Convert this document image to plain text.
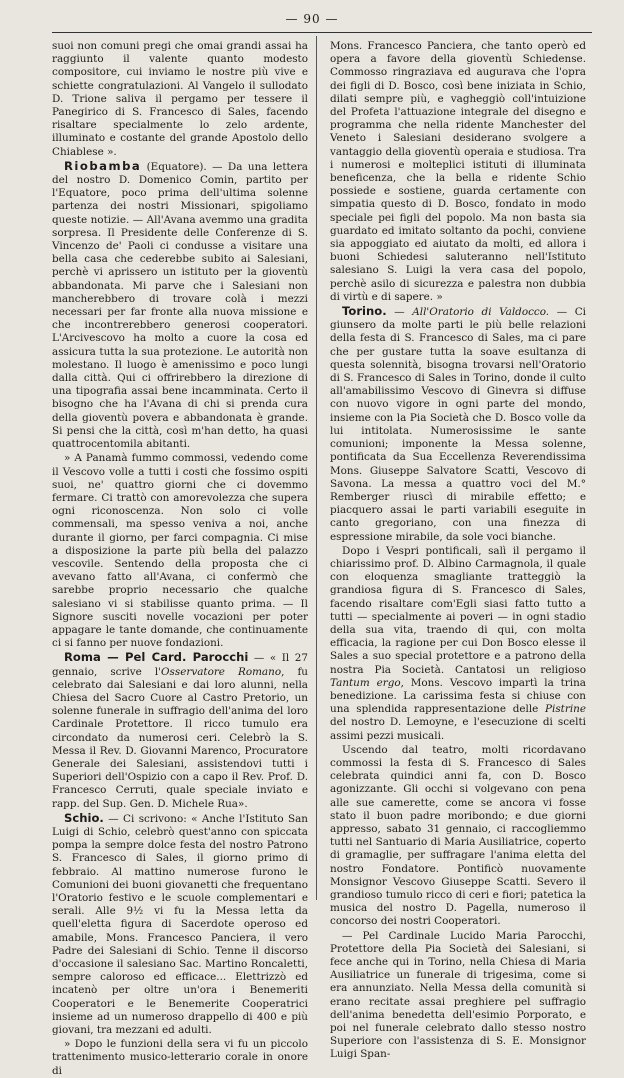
— 90 —

suoi non comuni pregi che omai grandi assai ha raggiunto il valente quanto modesto compositore, cui inviamo le nostre più vive e schiette congratulazioni. Al Vangelo il sullodato D. Trione saliva il pergamo per tessere il Panegirico di S. Francesco di Sales, facendo risaltare specialmente lo zelo ardente, illuminato e costante del grande Apostolo dello Chiablese ».

Riobamba (Equatore). — Da una lettera del nostro D. Domenico Comin, partito per l'Equatore, poco prima dell'ultima solenne partenza dei nostri Missionari, spigoliamo queste notizie. — All'Avana avemmo una gradita sorpresa. Il Presidente delle Conferenze di S. Vincenzo de' Paoli ci condusse a visitare una bella casa che cederebbe subito ai Salesiani, perchè vi aprissero un istituto per la gioventù abbandonata. Mi parve che i Salesiani non mancherebbero di trovare colà i mezzi necessari per far fronte alla nuova missione e che incontrerebbero generosi cooperatori. L'Arcivescovo ha molto a cuore la cosa ed assicura tutta la sua protezione. Le autorità non molestano. Il luogo è amenissimo e poco lungi dalla città. Qui ci offrirebbero la direzione di una tipografia assai bene incamminata. Certo il bisogno che ha l'Avana di chi si prenda cura della gioventù povera e abbandonata è grande. Si pensi che la città, così m'han detto, ha quasi quattrocentomila abitanti.

» A Panamà fummo commossi, vedendo come il Vescovo volle a tutti i costi che fossimo ospiti suoi, ne' quattro giorni che ci dovemmo fermare. Ci trattò con amorevolezza che supera ogni riconoscenza. Non solo ci volle commensali, ma spesso veniva a noi, anche durante il giorno, per farci compagnia. Ci mise a disposizione la parte più bella del palazzo vescovile. Sentendo della proposta che ci avevano fatto all'Avana, ci confermò che sarebbe proprio necessario che qualche salesiano vi si stabilisse quanto prima. — Il Signore susciti novelle vocazioni per poter appagare le tante domande, che continuamente ci si fanno per nuove fondazioni.

Roma — Pel Card. Parocchi — « Il 27 gennaio, scrive l'Osservatore Romano, fu celebrato dai Salesiani e dai loro alunni, nella Chiesa del Sacro Cuore al Castro Pretorio, un solenne funerale in suffragio dell'anima del loro Cardinale Protettore. Il ricco tumulo era circondato da numerosi ceri. Celebrò la S. Messa il Rev. D. Giovanni Marenco, Procuratore Generale dei Salesiani, assistendovi tutti i Superiori dell'Ospizio con a capo il Rev. Prof. D. Francesco Cerruti, quale speciale inviato e rapp. del Sup. Gen. D. Michele Rua».

Schio. — Ci scrivono: « Anche l'Istituto San Luigi di Schio, celebrò quest'anno con spiccata pompa la sempre dolce festa del nostro Patrono S. Francesco di Sales, il giorno primo di febbraio. Al mattino numerose furono le Comunioni dei buoni giovanetti che frequentano l'Oratorio festivo e le scuole complementari e serali. Alle 9½ vi fu la Messa letta da quell'eletta figura di Sacerdote operoso ed amabile, Mons. Francesco Panciera, il vero Padre dei Salesiani di Schio. Tenne il discorso d'occasione il salesiano Sac. Martino Roncaletti, sempre caloroso ed efficace... Elettrizzò ed incatenò per oltre un'ora i Benemeriti Cooperatori e le Benemerite Cooperatrici insieme ad un numeroso drappello di 400 e più giovani, tra mezzani ed adulti.

» Dopo le funzioni della sera vi fu un piccolo trattenimento musico-letterario corale in onore di

Mons. Francesco Panciera, che tanto operò ed opera a favore della gioventù Schiedense. Commosso ringraziava ed augurava che l'opra dei figli di D. Bosco, così bene iniziata in Schio, dilati sempre più, e vagheggiò coll'intuizione del Profeta l'attuazione integrale del disegno e programma che nella ridente Manchester del Veneto i Salesiani desiderano svolgere a vantaggio della gioventù operaia e studiosa. Tra i numerosi e molteplici istituti di illuminata beneficenza, che la bella e ridente Schio possiede e sostiene, guarda certamente con simpatia questo di D. Bosco, fondato in modo speciale pei figli del popolo. Ma non basta sia guardato ed imitato soltanto da pochi, conviene sia appoggiato ed aiutato da molti, ed allora i buoni Schiedesi saluteranno nell'Istituto salesiano S. Luigi la vera casa del popolo, perchè asilo di sicurezza e palestra non dubbia di virtù e di sapere. »

Torino. — All'Oratorio di Valdocco. — Ci giunsero da molte parti le più belle relazioni della festa di S. Francesco di Sales, ma ci pare che per gustare tutta la soave esultanza di questa solennità, bisogna trovarsi nell'Oratorio di S. Francesco di Sales in Torino, donde il culto all'amabilissimo Vescovo di Ginevra si diffuse con nuovo vigore in ogni parte del mondo, insieme con la Pia Società che D. Bosco volle da lui intitolata. Numerosissime le sante comunioni; imponente la Messa solenne, pontificata da Sua Eccellenza Reverendissima Mons. Giuseppe Salvatore Scatti, Vescovo di Savona. La messa a quattro voci del M.° Remberger riuscì di mirabile effetto; e piacquero assai le parti variabili eseguite in canto gregoriano, con una finezza di espressione mirabile, da sole voci bianche.

Dopo i Vespri pontificali, salì il pergamo il chiarissimo prof. D. Albino Carmagnola, il quale con eloquenza smagliante tratteggiò la grandiosa figura di S. Francesco di Sales, facendo risaltare com'Egli siasi fatto tutto a tutti — specialmente ai poveri — in ogni stadio della sua vita, traendo di qui, con molta efficacia, la ragione per cui Don Bosco elesse il Sales a suo special protettore e a patrono della nostra Pia Società. Cantatosi un religioso Tantum ergo, Mons. Vescovo impartì la trina benedizione. La carissima festa si chiuse con una splendida rappresentazione delle Pistrine del nostro D. Lemoyne, e l'esecuzione di scelti assimi pezzi musicali.

Uscendo dal teatro, molti ricordavano commossi la festa di S. Francesco di Sales celebrata quindici anni fa, con D. Bosco agonizzante. Gli occhi si volgevano con pena alle sue camerette, come se ancora vi fosse stato il buon padre moribondo; e due giorni appresso, sabato 31 gennaio, ci raccogliemmo tutti nel Santuario di Maria Ausiliatrice, coperto di gramaglie, per suffragare l'anima eletta del nostro Fondatore. Pontificò nuovamente Monsignor Vescovo Giuseppe Scatti. Severo il grandioso tumulo ricco di ceri e fiori; patetica la musica del nostro D. Pagella, numeroso il concorso dei nostri Cooperatori.

— Pel Cardinale Lucido Maria Parocchi, Protettore della Pia Società dei Salesiani, si fece anche qui in Torino, nella Chiesa di Maria Ausiliatrice un funerale di trigesima, come si era annunziato. Nella Messa della comunità si erano recitate assai preghiere pel suffragio dell'anima benedetta dell'esimio Porporato, e poi nel funerale celebrato dallo stesso nostro Superiore con l'assistenza di S. E. Monsignor Luigi Span-
